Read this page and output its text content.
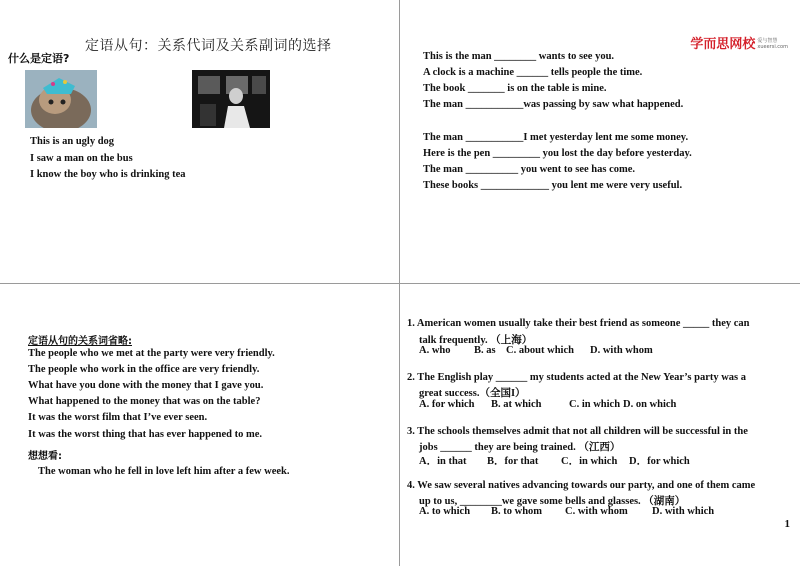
定语从句：关系代词及关系副词的选择
什么是定语?
This is an ugly dog
I saw a man on the bus
I know the boy who is drinking tea
学而思网校 爱与智慧
xueersi.com
This is the man ________ wants to see you.
A clock is a machine ______ tells people the time.
The book _______ is on the table is mine.
The man ___________was passing by saw what happened.
The man ___________I met yesterday lent me some money.
Here is the pen _________ you lost the day before yesterday.
The man __________ you went to see has come.
These books _____________ you lent me were very useful.
定语从句的关系词省略:
The people who we met at the party were very friendly.
The people who work in the office are very friendly.
What have you done with the money that I gave you.
What happened to the money that was on the table?
It was the worst film that I’ve ever seen.
It was the worst thing that has ever happened to me.
想想看:
The woman who he fell in love left him after a few week.
1. American women usually take their best friend as someone _____ they can
talk frequently. （上海）
A. who B. as C. about which D. with whom
2. The English play ______ my students acted at the New Year’s party was a
great success.（全国I）
A. for which B. at which	C. in which D. on which
3. The schools themselves admit that not all children will be successful in the
jobs ______ they are being trained. （江西）
A．in that B．for that C．in which D．for which
4. We saw several natives advancing towards our party, and one of them came
up to us, ________we gave some bells and glasses. （湖南）
A. to which B. to whom C. with whom D. with which
1
